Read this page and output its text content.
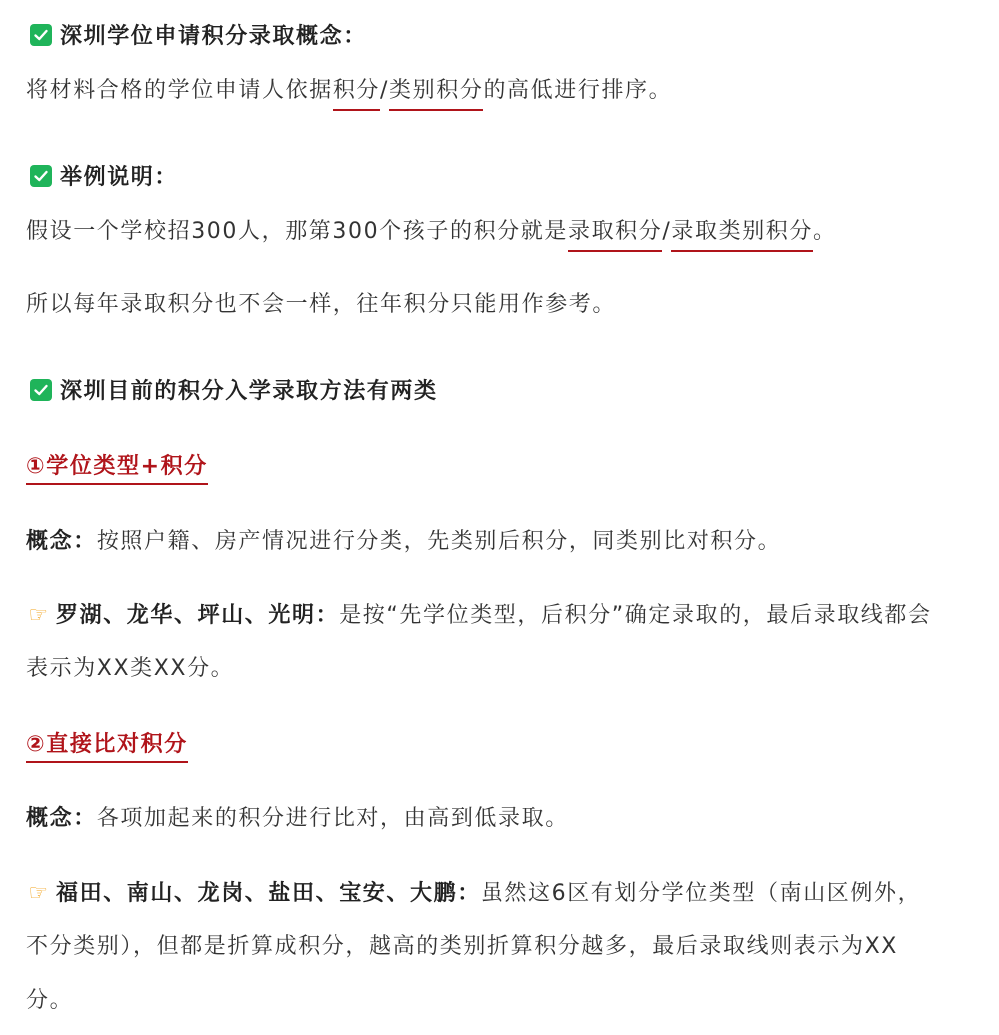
深圳学位申请积分录取概念：
将材料合格的学位申请人依据积分/类别积分的高低进行排序。
举例说明：
假设一个学校招300人，那第300个孩子的积分就是录取积分/录取类别积分。
所以每年录取积分也不会一样，往年积分只能用作参考。
深圳目前的积分入学录取方法有两类
①学位类型+积分
概念：按照户籍、房产情况进行分类，先类别后积分，同类别比对积分。
☞ 罗湖、龙华、坪山、光明：是按“先学位类型，后积分”确定录取的，最后录取线都会
表示为XX类XX分。
②直接比对积分
概念：各项加起来的积分进行比对，由高到低录取。
☞ 福田、南山、龙岗、盐田、宝安、大鹏：虽然这6区有划分学位类型（南山区例外，
不分类别），但都是折算成积分，越高的类别折算积分越多，最后录取线则表示为XX
分。
